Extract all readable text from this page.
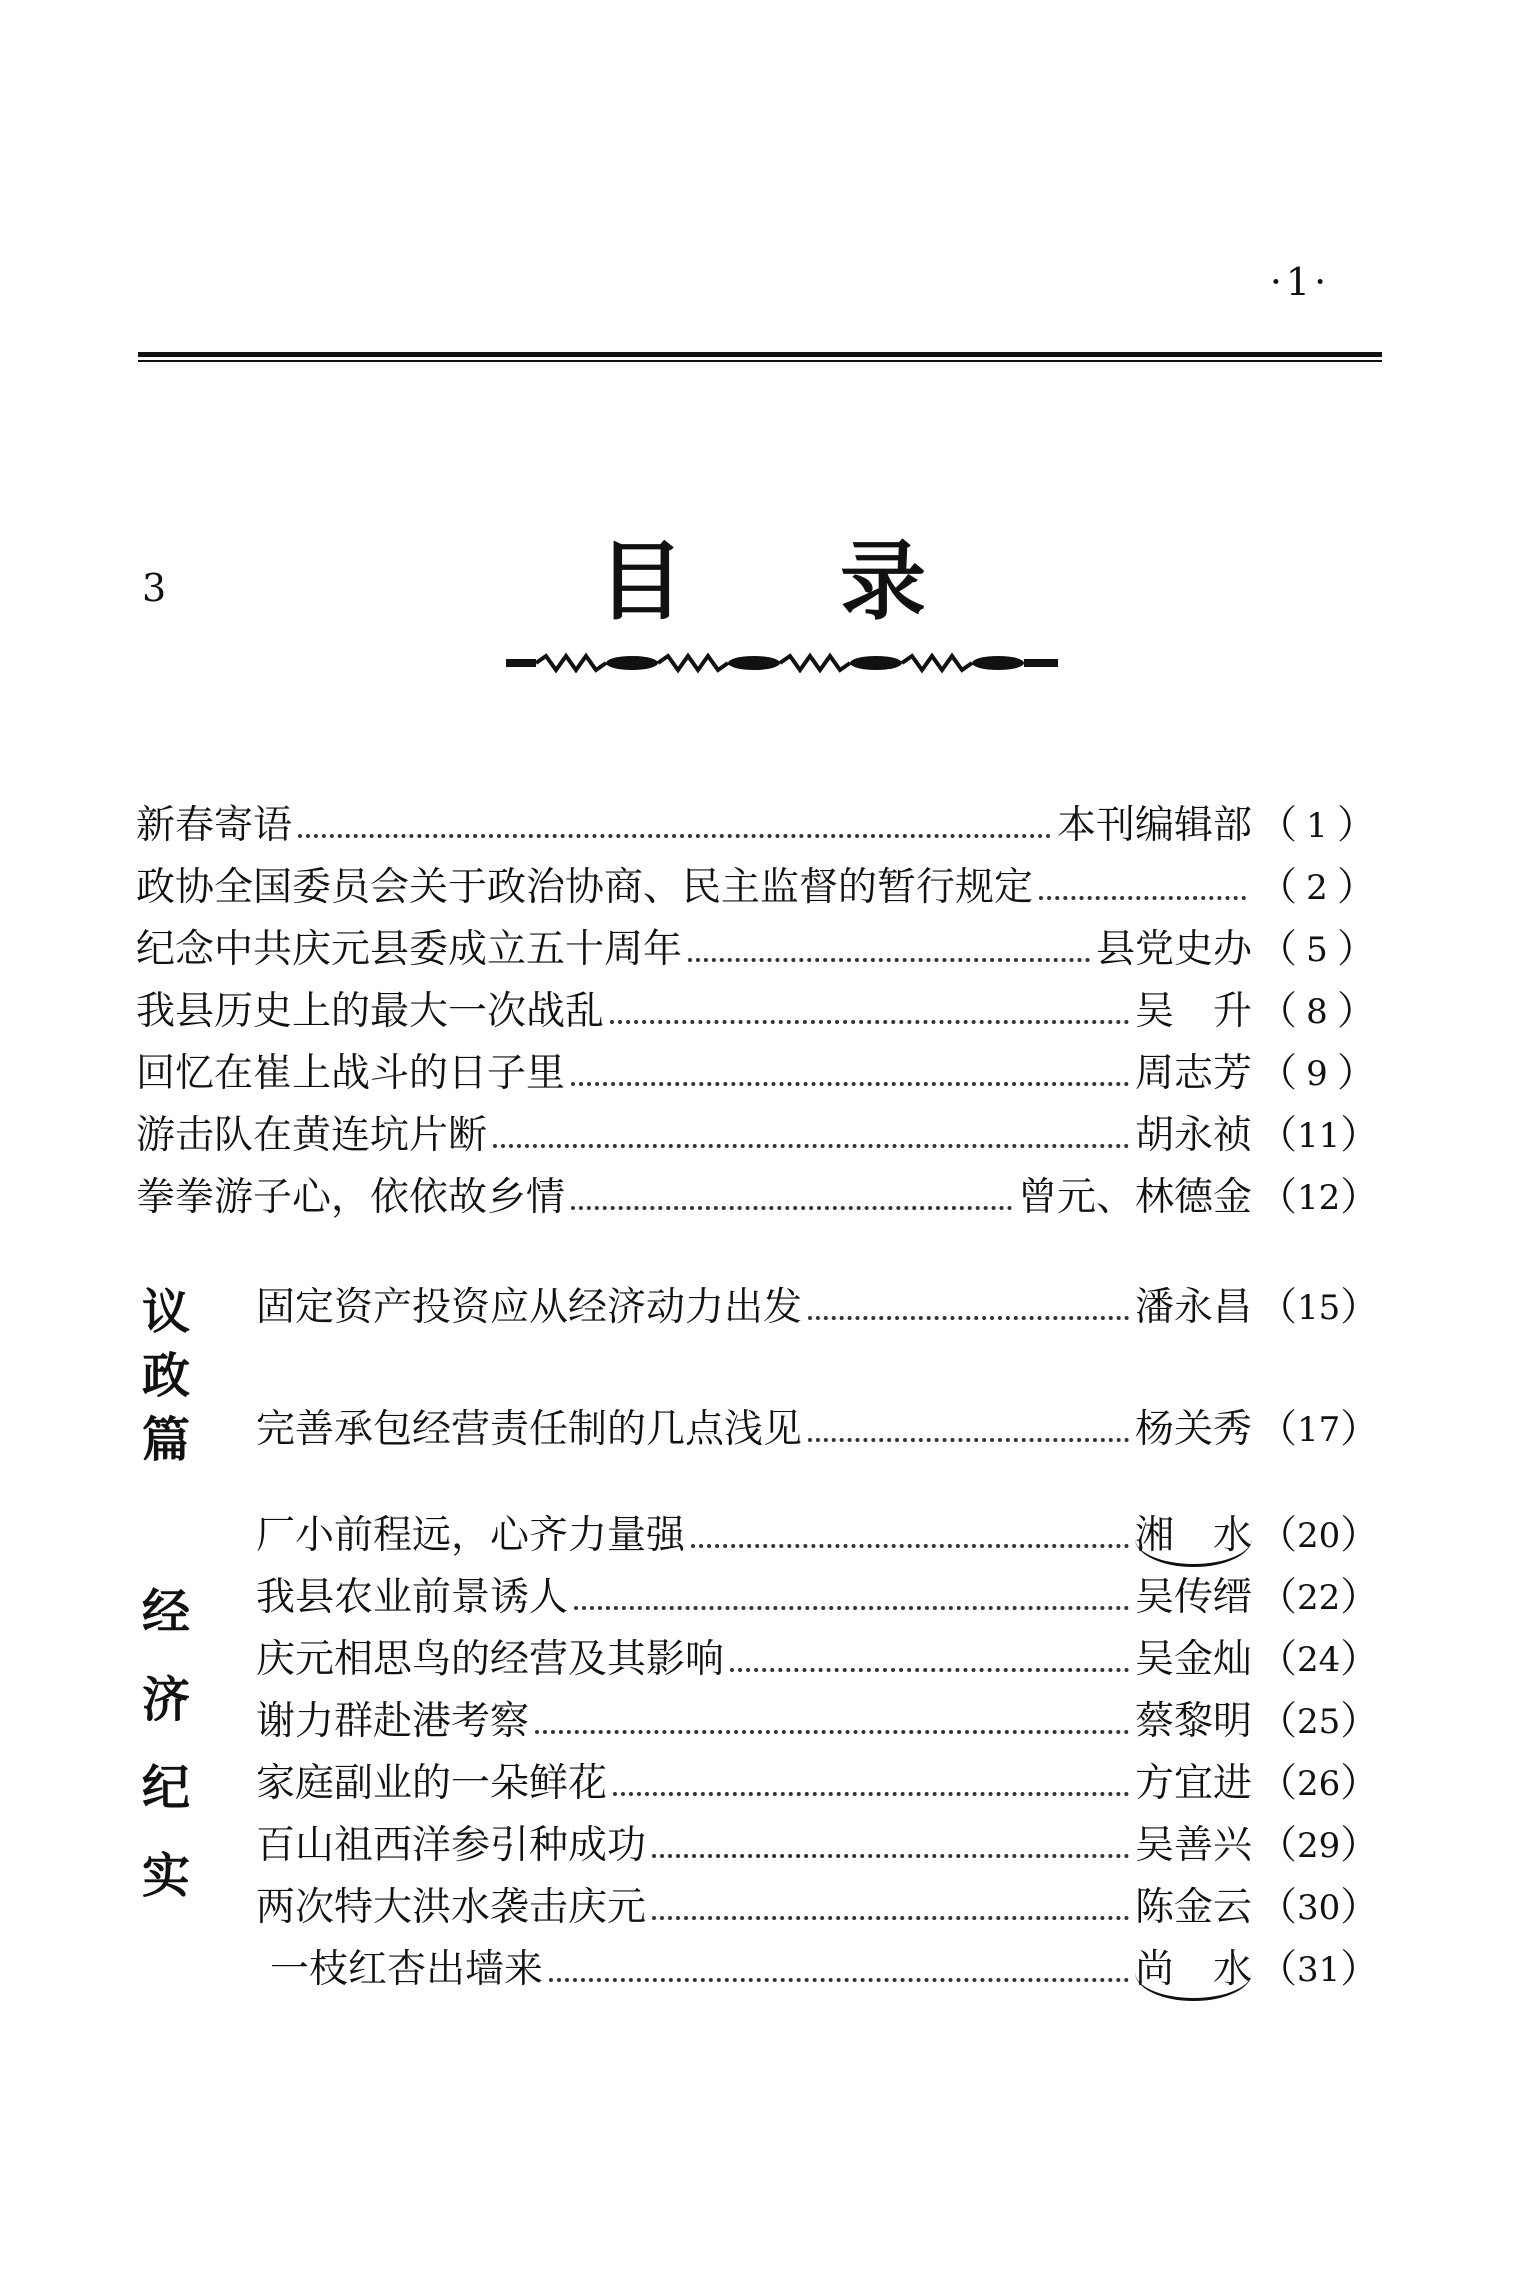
·1·
3	目 录
新春寄语	本刊编辑部 （ 1 ）
政协全国委员会关于政治协商、民主监督的暂行规定	（ 2 ）
纪念中共庆元县委成立五十周年	县党史办 （ 5 ）
我县历史上的最大一次战乱	吴　升 （ 8 ）
回忆在崔上战斗的日子里	周志芳 （ 9 ）
游击队在黄连坑片断	胡永祯 （ 11 ）
拳拳游子心，依依故乡情	曾元、林德金 （ 12 ）
议
政
篇
固定资产投资应从经济动力出发	潘永昌 （ 15 ）
完善承包经营责任制的几点浅见	杨关秀 （ 17 ）
经
济
纪
实
厂小前程远，心齐力量强	湘　水 （ 20 ）
我县农业前景诱人	吴传缙 （ 22 ）
庆元相思鸟的经营及其影响	吴金灿 （ 24 ）
谢力群赴港考察	蔡黎明 （ 25 ）
家庭副业的一朵鲜花	方宜进 （ 26 ）
百山祖西洋参引种成功	吴善兴 （ 29 ）
两次特大洪水袭击庆元	陈金云 （ 30 ）
一枝红杏出墙来	尚　水 （ 31 ）
